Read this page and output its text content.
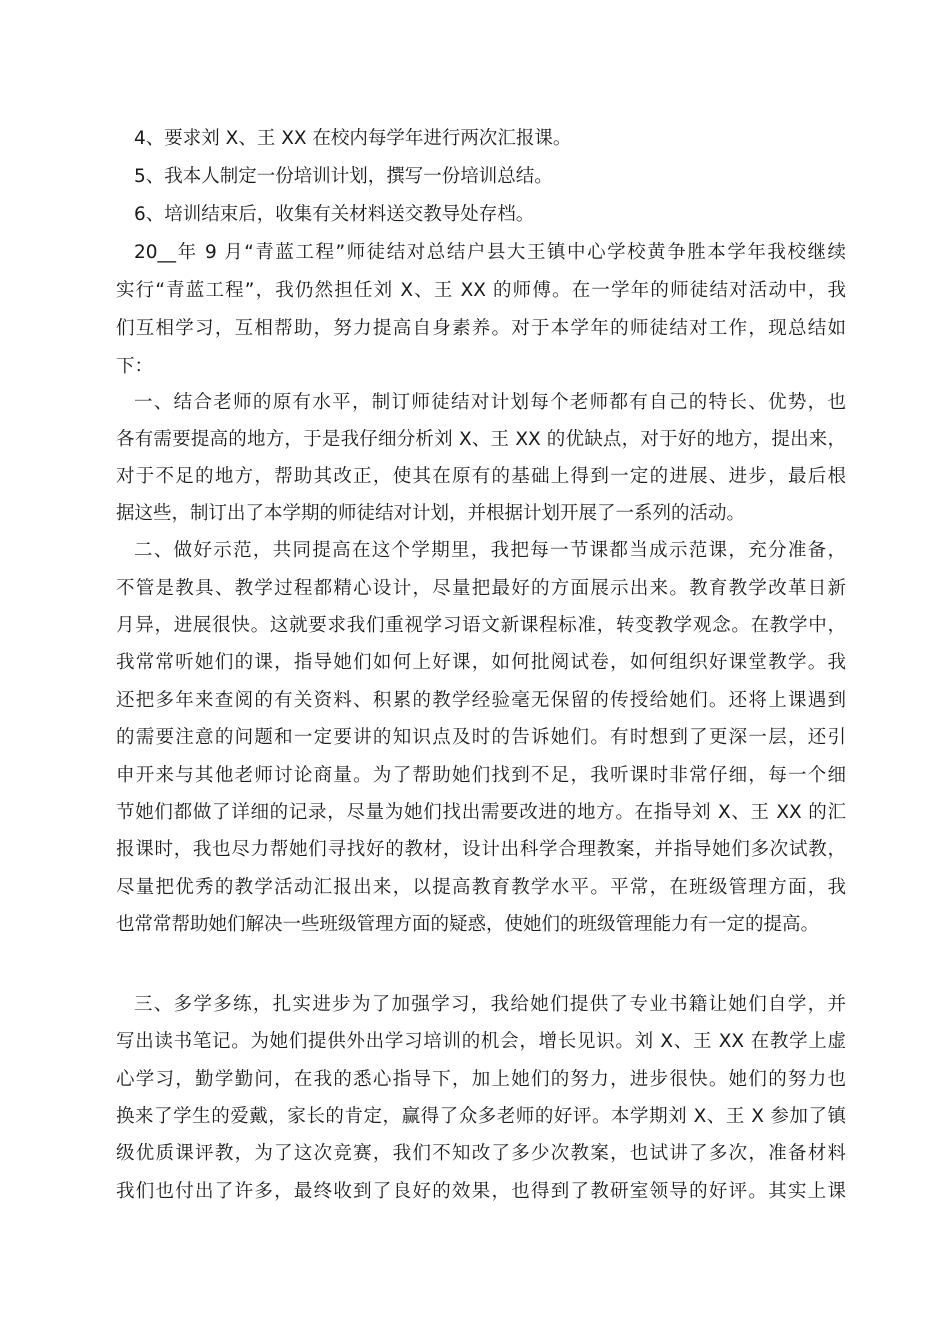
4、要求刘 X、王 XX 在校内每学年进行两次汇报课。
5、我本人制定一份培训计划，撰写一份培训总结。
6、培训结束后，收集有关材料送交教导处存档。
20__年 9 月“青蓝工程”师徒结对总结户县大王镇中心学校黄争胜本学年我校继续
实行“青蓝工程”，我仍然担任刘 X、王 XX 的师傅。在一学年的师徒结对活动中，我
们互相学习，互相帮助，努力提高自身素养。对于本学年的师徒结对工作，现总结如
下：
一、结合老师的原有水平，制订师徒结对计划每个老师都有自己的特长、优势，也
各有需要提高的地方，于是我仔细分析刘 X、王 XX 的优缺点，对于好的地方，提出来，
对于不足的地方，帮助其改正，使其在原有的基础上得到一定的进展、进步，最后根
据这些，制订出了本学期的师徒结对计划，并根据计划开展了一系列的活动。
二、做好示范，共同提高在这个学期里，我把每一节课都当成示范课，充分准备，
不管是教具、教学过程都精心设计，尽量把最好的方面展示出来。教育教学改革日新
月异，进展很快。这就要求我们重视学习语文新课程标准，转变教学观念。在教学中，
我常常听她们的课，指导她们如何上好课，如何批阅试卷，如何组织好课堂教学。我
还把多年来查阅的有关资料、积累的教学经验毫无保留的传授给她们。还将上课遇到
的需要注意的问题和一定要讲的知识点及时的告诉她们。有时想到了更深一层，还引
申开来与其他老师讨论商量。为了帮助她们找到不足，我听课时非常仔细，每一个细
节她们都做了详细的记录，尽量为她们找出需要改进的地方。在指导刘 X、王 XX 的汇
报课时，我也尽力帮她们寻找好的教材，设计出科学合理教案，并指导她们多次试教，
尽量把优秀的教学活动汇报出来，以提高教育教学水平。平常，在班级管理方面，我
也常常帮助她们解决一些班级管理方面的疑惑，使她们的班级管理能力有一定的提高。
三、多学多练，扎实进步为了加强学习，我给她们提供了专业书籍让她们自学，并
写出读书笔记。为她们提供外出学习培训的机会，增长见识。刘 X、王 XX 在教学上虚
心学习，勤学勤问，在我的悉心指导下，加上她们的努力，进步很快。她们的努力也
换来了学生的爱戴，家长的肯定，赢得了众多老师的好评。本学期刘 X、王 X 参加了镇
级优质课评教，为了这次竞赛，我们不知改了多少次教案，也试讲了多次，准备材料
我们也付出了许多，最终收到了良好的效果，也得到了教研室领导的好评。其实上课
